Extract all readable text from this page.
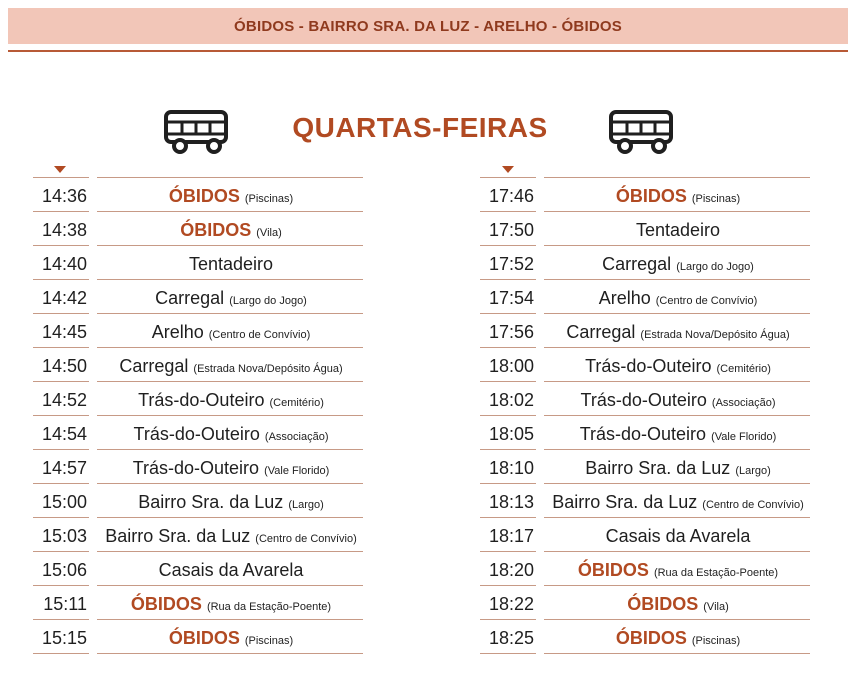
ÓBIDOS - BAIRRO SRA. DA LUZ - ARELHO - ÓBIDOS
QUARTAS-FEIRAS
14:36	ÓBIDOS (Piscinas)
14:38	ÓBIDOS (Vila)
14:40	Tentadeiro
14:42	Carregal (Largo do Jogo)
14:45	Arelho (Centro de Convívio)
14:50	Carregal (Estrada Nova/Depósito Água)
14:52	Trás-do-Outeiro (Cemitério)
14:54	Trás-do-Outeiro (Associação)
14:57	Trás-do-Outeiro (Vale Florido)
15:00	Bairro Sra. da Luz (Largo)
15:03	Bairro Sra. da Luz (Centro de Convívio)
15:06	Casais da Avarela
15:11	ÓBIDOS (Rua da Estação-Poente)
15:15	ÓBIDOS (Piscinas)
17:46	ÓBIDOS (Piscinas)
17:50	Tentadeiro
17:52	Carregal (Largo do Jogo)
17:54	Arelho (Centro de Convívio)
17:56	Carregal (Estrada Nova/Depósito Água)
18:00	Trás-do-Outeiro (Cemitério)
18:02	Trás-do-Outeiro (Associação)
18:05	Trás-do-Outeiro (Vale Florido)
18:10	Bairro Sra. da Luz (Largo)
18:13	Bairro Sra. da Luz (Centro de Convívio)
18:17	Casais da Avarela
18:20	ÓBIDOS (Rua da Estação-Poente)
18:22	ÓBIDOS (Vila)
18:25	ÓBIDOS (Piscinas)
